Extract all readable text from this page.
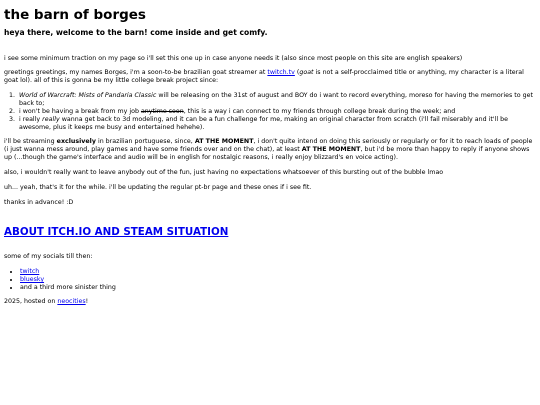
the barn of borges
heya there, welcome to the barn! come inside and get comfy.

i see some minimum traction on my page so i'll set this one up in case anyone needs it (also since most people on this site are english speakers)

greetings greetings, my names Borges, i'm a soon-to-be brazilian goat streamer at twitch.tv (goat is not a self-procclaimed title or anything, my character is a literal goat lol). all of this is gonna be my little college break project since:

1. World of Warcraft: Mists of Pandaria Classic will be releasing on the 31st of august and BOY do i want to record everything, moreso for having the memories to get back to;
2. i won't be having a break from my job anytime soon, this is a way i can connect to my friends through college break during the week; and
3. i really really wanna get back to 3d modeling, and it can be a fun challenge for me, making an original character from scratch (i'll fail miserably and it'll be awesome, plus it keeps me busy and entertained hehehe).

i'll be streaming exclusively in brazilian portuguese, since, AT THE MOMENT, i don't quite intend on doing this seriously or regularly or for it to reach loads of people (i just wanna mess around, play games and have some friends over and on the chat), at least AT THE MOMENT, but i'd be more than happy to reply if anyone shows up (...though the game's interface and audio will be in english for nostalgic reasons, i really enjoy blizzard's en voice acting).

also, i wouldn't really want to leave anybody out of the fun, just having no expectations whatsoever of this bursting out of the bubble lmao

uh... yeah, that's it for the while. i'll be updating the regular pt-br page and these ones if i see fit.

thanks in advance! :D

ABOUT ITCH.IO AND STEAM SITUATION

some of my socials till then:

• twitch
• bluesky
• and a third more sinister thing

2025, hosted on neocities!
